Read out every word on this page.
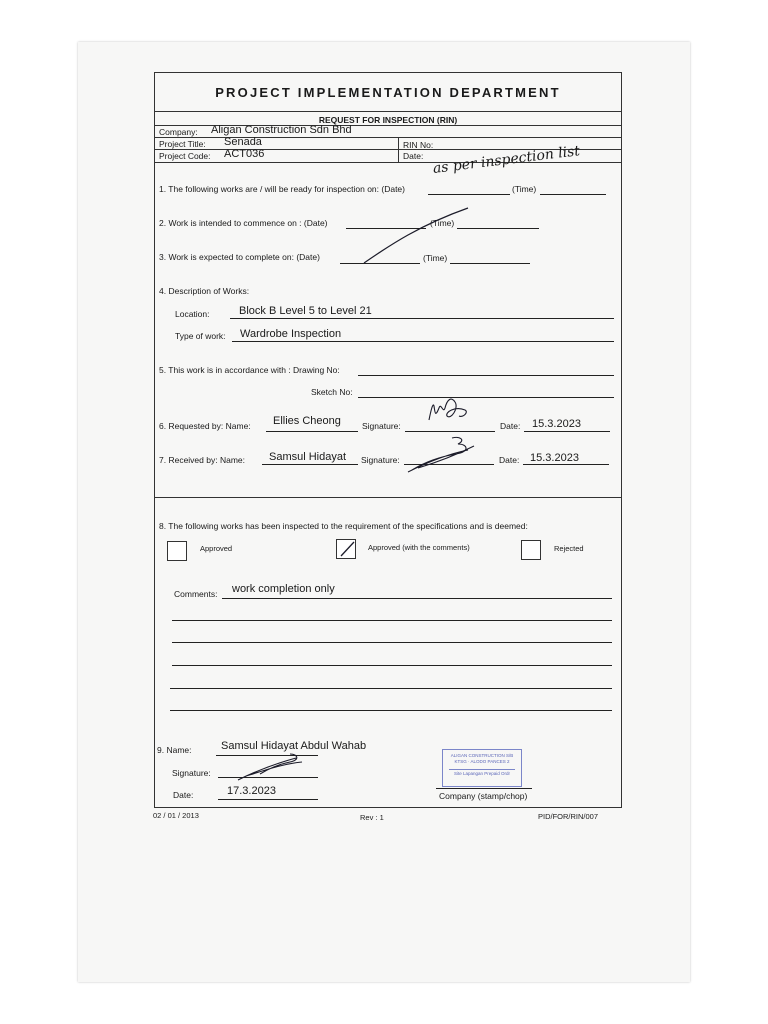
PROJECT IMPLEMENTATION DEPARTMENT
REQUEST FOR INSPECTION (RIN)
Company: Aligan Construction Sdn Bhd
Project Title: Senada	RIN No:
Project Code: ACT036	Date:
1. The following works are / will be ready for inspection on: (Date)
as per inspection list
(Time)
2. Work is intended to commence on : (Date)	(Time)
3. Work is expected to complete on: (Date)	(Time)
4. Description of Works:
Location:	Block B Level 5 to Level 21
Type of work: Wardrobe Inspection
5. This work is in accordance with : Drawing No:
Sketch No:
6. Requested by: Name: Ellies Cheong Signature:	Date: 15.3.2023
7. Received by: Name: Samsul Hidayat Signature:	Date: 15.3.2023
8. The following works has been inspected to the requirement of the specifications and is deemed:
Approved	Approved (with the comments)	Rejected
Comments: work completion only
9. Name:	Samsul Hidayat Abdul Wahab
Signature:
Date:	17.3.2023
ALIGAN CONSTRUCTION S/B
KTSG · ALODO PANCES 2
Site Lapangan Prepaid Ordr
Company (stamp/chop)
02 / 01 / 2013	Rev : 1	PID/FOR/RIN/007
